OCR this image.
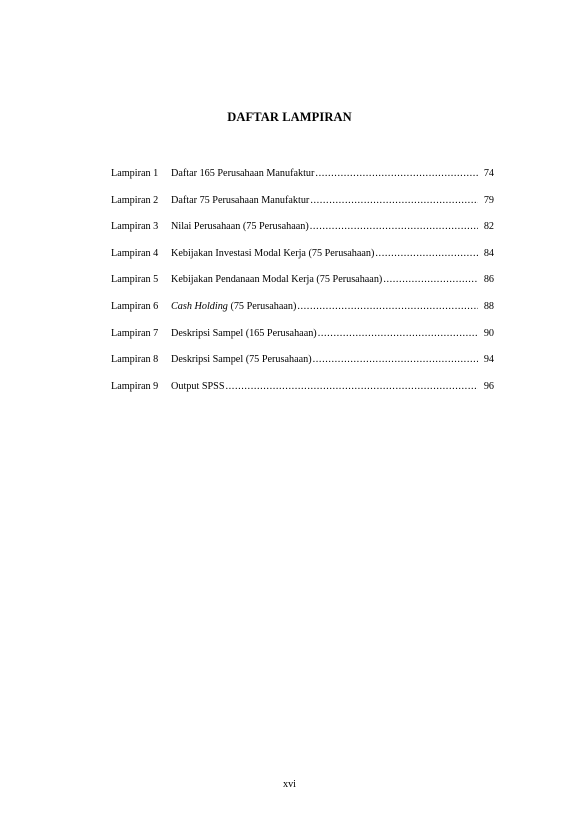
DAFTAR LAMPIRAN
Lampiran 1	Daftar 165 Perusahaan Manufaktur .....	74
Lampiran 2	Daftar 75 Perusahaan Manufaktur .....	79
Lampiran 3	Nilai Perusahaan (75 Perusahaan) .....	82
Lampiran 4	Kebijakan Investasi Modal Kerja (75 Perusahaan) .....	84
Lampiran 5	Kebijakan Pendanaan Modal Kerja (75 Perusahaan) .....	86
Lampiran 6	Cash Holding (75 Perusahaan) .....	88
Lampiran 7	Deskripsi Sampel (165 Perusahaan) .....	90
Lampiran 8	Deskripsi Sampel (75 Perusahaan) .....	94
Lampiran 9	Output SPSS .....	96
xvi
